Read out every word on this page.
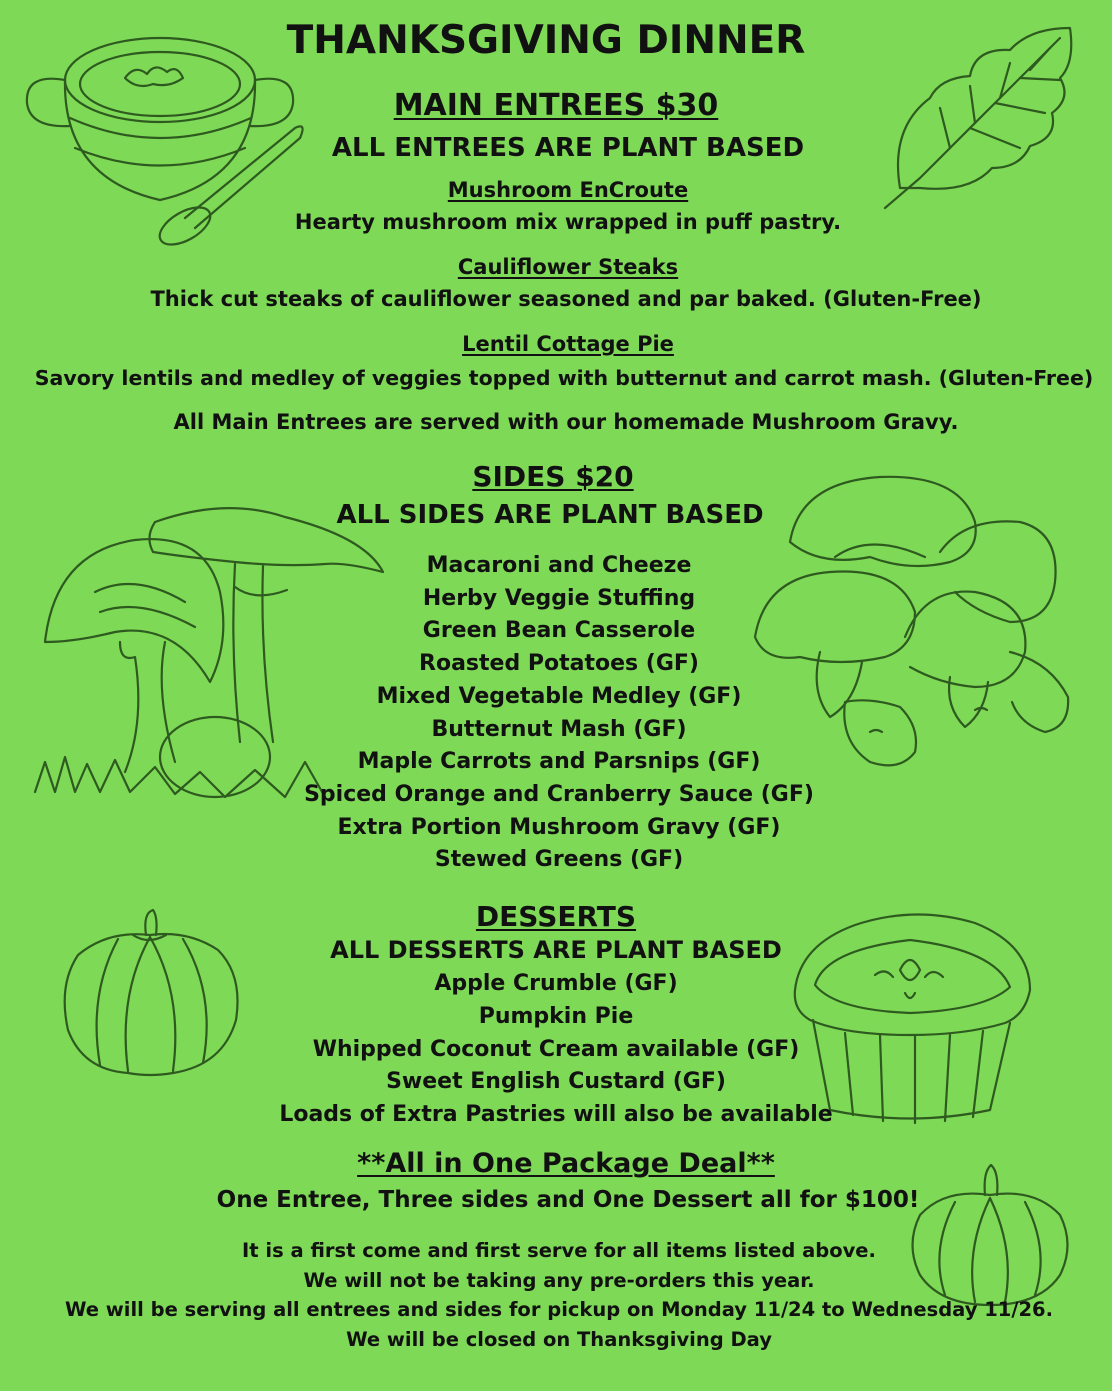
THANKSGIVING DINNER
MAIN ENTREES $30
ALL ENTREES ARE PLANT BASED
Mushroom EnCroute
Hearty mushroom mix wrapped in puff pastry.
Cauliflower Steaks
Thick cut steaks of cauliflower seasoned and par baked. (Gluten-Free)
Lentil Cottage Pie
Savory lentils and medley of veggies topped with butternut and carrot mash. (Gluten-Free)
All Main Entrees are served with our homemade Mushroom Gravy.
SIDES $20
ALL SIDES ARE PLANT BASED
Macaroni and Cheeze
Herby Veggie Stuffing
Green Bean Casserole
Roasted Potatoes (GF)
Mixed Vegetable Medley (GF)
Butternut Mash (GF)
Maple Carrots and Parsnips (GF)
Spiced Orange and Cranberry Sauce (GF)
Extra Portion Mushroom Gravy (GF)
Stewed Greens (GF)
DESSERTS
ALL DESSERTS ARE PLANT BASED
Apple Crumble (GF)
Pumpkin Pie
Whipped Coconut Cream available (GF)
Sweet English Custard (GF)
Loads of Extra Pastries will also be available
**All in One Package Deal**
One Entree, Three sides and One Dessert all for $100!
It is a first come and first serve for all items listed above.
We will not be taking any pre-orders this year.
We will be serving all entrees and sides for pickup on Monday 11/24 to Wednesday 11/26.
We will be closed on Thanksgiving Day
